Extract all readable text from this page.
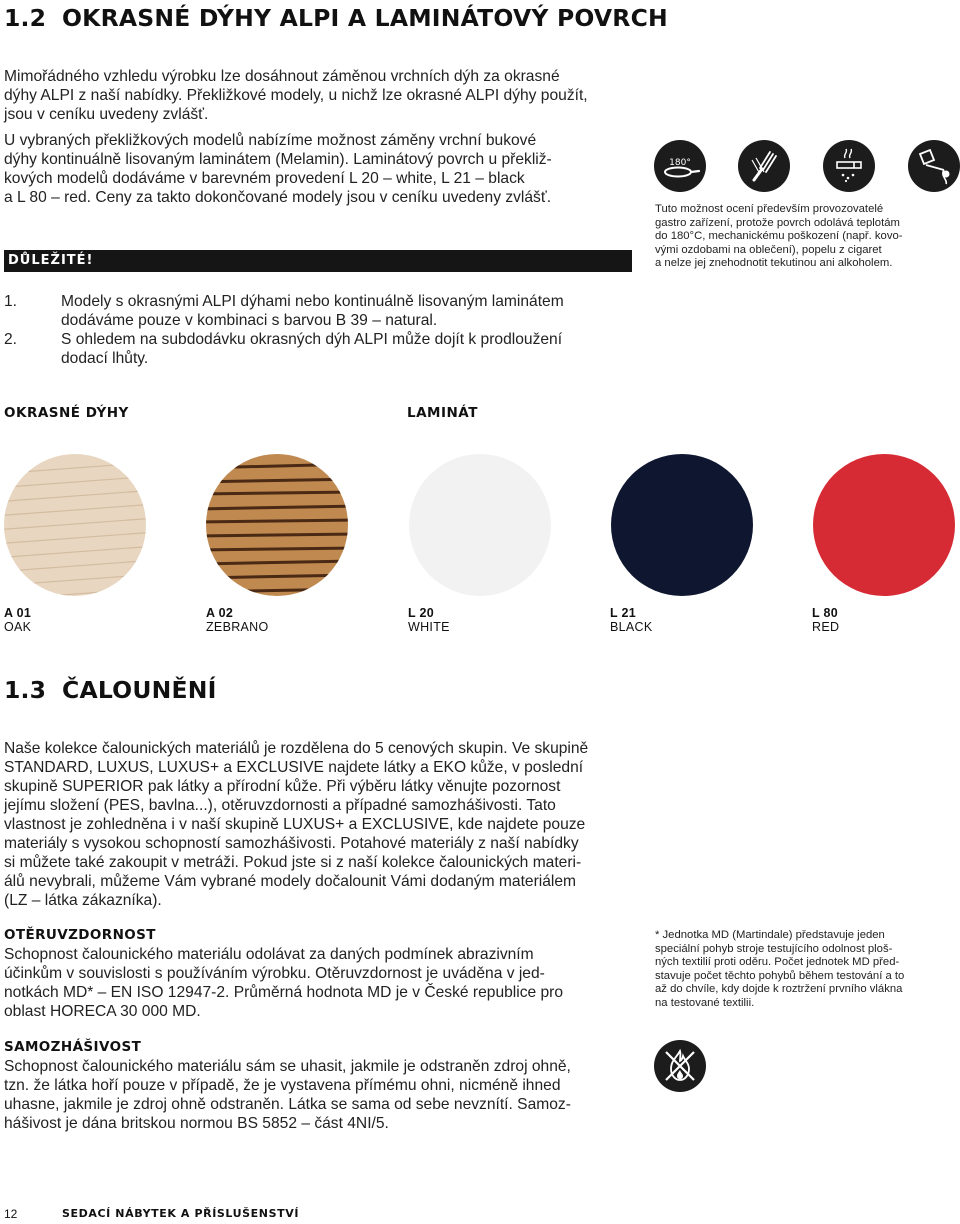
1.2 OKRASNÉ DÝHY ALPI A LAMINÁTOVÝ POVRCH

Mimořádného vzhledu výrobku lze dosáhnout záměnou vrchních dýh za okrasné

dýhy ALPI z naší nabídky. Překližkové modely, u nichž lze okrasné ALPI dýhy použít,

jsou v ceníku uvedeny zvlášť.

U vybraných překližkových modelů nabízíme možnost záměny vrchní bukové

dýhy kontinuálně lisovaným laminátem (Melamin). Laminátový povrch u překliž-

kových modelů dodáváme v barevném provedení L 20 – white, L 21 – black

a L 80 – red. Ceny za takto dokončované modely jsou v ceníku uvedeny zvlášť.

DŮLEŽITÉ!
1.	Modely s okrasnými ALPI dýhami nebo kontinuálně lisovaným laminátem

dodáváme pouze v kombinaci s barvou B 39 – natural.

2.	S ohledem na subdodávku okrasných dýh ALPI může dojít k prodloužení

dodací lhůty.

180°

Tuto možnost ocení především provozovatelé

gastro zařízení, protože povrch odolává teplotám

do 180°C, mechanickému poškození (např. kovo-

vými ozdobami na oblečení), popelu z cigaret

a nelze jej znehodnotit tekutinou ani alkoholem.

OKRASNÉ DÝHY	LAMINÁT
A 01
OAK
A 02
ZEBRANO
L 20
WHITE
L 21
BLACK
L 80
RED
1.3 ČALOUNĚNÍ

Naše kolekce čalounických materiálů je rozdělena do 5 cenových skupin. Ve skupině

STANDARD, LUXUS, LUXUS+ a EXCLUSIVE najdete látky a EKO kůže, v poslední

skupině SUPERIOR pak látky a přírodní kůže. Při výběru látky věnujte pozornost

jejímu složení (PES, bavlna...), otěruvzdornosti a případné samozhášivosti. Tato

vlastnost je zohledněna i v naší skupině LUXUS+ a EXCLUSIVE, kde najdete pouze

materiály s vysokou schopností samozhášivosti. Potahové materiály z naší nabídky

si můžete také zakoupit v metráži. Pokud jste si z naší kolekce čalounických materi-

álů nevybrali, můžeme Vám vybrané modely dočalounit Vámi dodaným materiálem

(LZ – látka zákazníka).

OTĚRUVZDORNOST

Schopnost čalounického materiálu odolávat za daných podmínek abrazivním

účinkům v souvislosti s používáním výrobku. Otěruvzdornost je uváděna v jed-

notkách MD* – EN ISO 12947-2. Průměrná hodnota MD je v České republice pro

oblast HORECA 30 000 MD.

* Jednotka MD (Martindale) představuje jeden

speciální pohyb stroje testujícího odolnost ploš-

ných textilií proti oděru. Počet jednotek MD před-

stavuje počet těchto pohybů během testování a to

až do chvíle, kdy dojde k roztržení prvního vlákna

na testované textilii.

SAMOZHÁŠIVOST

Schopnost čalounického materiálu sám se uhasit, jakmile je odstraněn zdroj ohně,

tzn. že látka hoří pouze v případě, že je vystavena přímému ohni, nicméně ihned

uhasne, jakmile je zdroj ohně odstraněn. Látka se sama od sebe nevznítí. Samoz-

hášivost je dána britskou normou BS 5852 – část 4NI/5.

12	SEDACÍ NÁBYTEK A PŘÍSLUŠENSTVÍ
